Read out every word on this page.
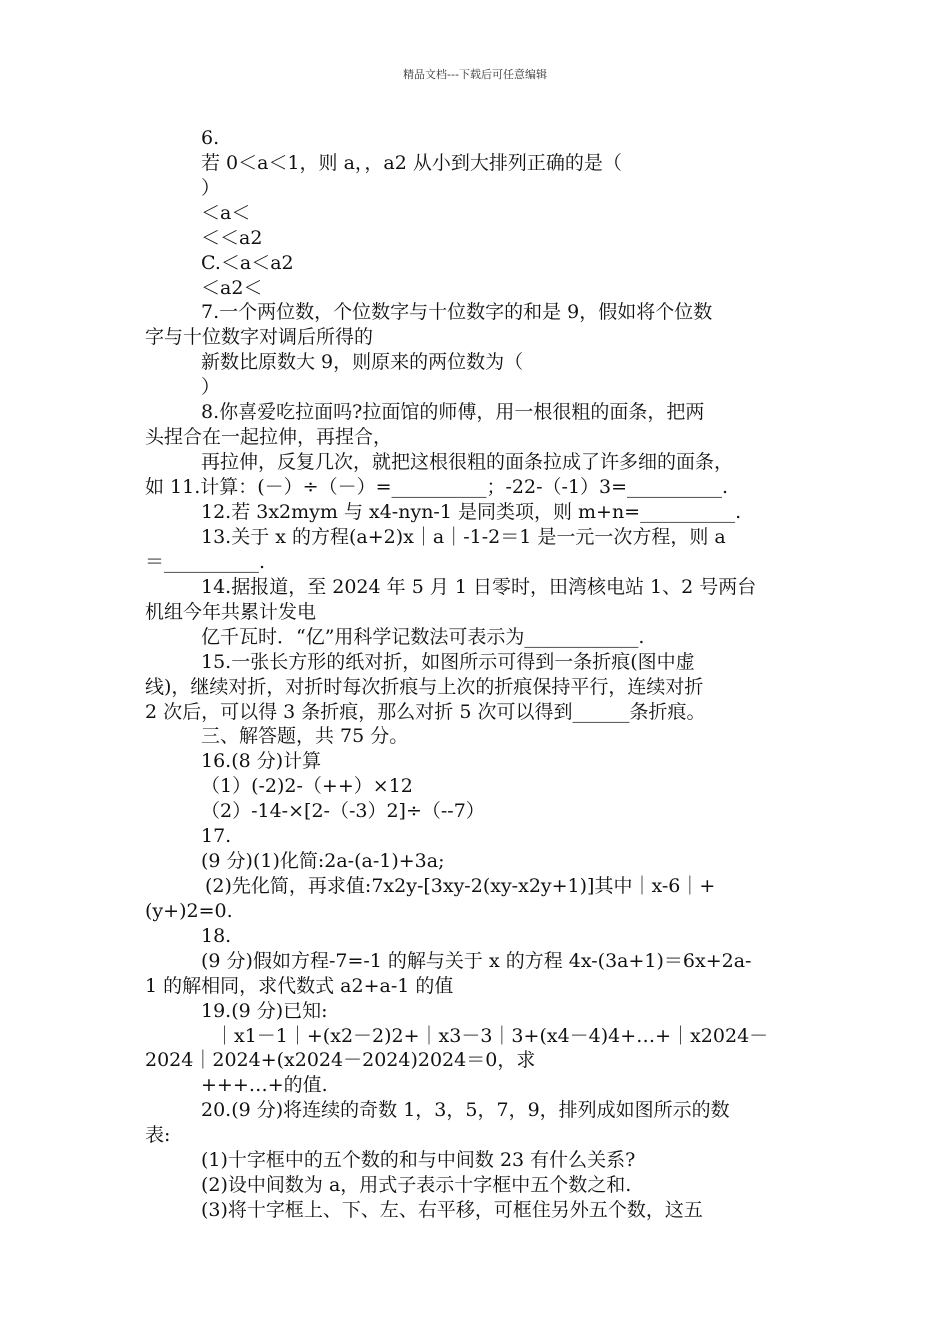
精品文档---下载后可任意编辑
6.
若 0＜a＜1，则 a，，a2 从小到大排列正确的是（
）
＜a＜
＜＜a2
C.＜a＜a2
＜a2＜
7.一个两位数，个位数字与十位数字的和是 9，假如将个位数
字与十位数字对调后所得的
新数比原数大 9，则原来的两位数为（
）
8.你喜爱吃拉面吗?拉面馆的师傅，用一根很粗的面条，把两
头捏合在一起拉伸，再捏合，
再拉伸，反复几次，就把这根很粗的面条拉成了许多细的面条，
如 11.计算：(－）÷（－）=__________；-22-（-1）3=__________.
12.若 3x2mym 与 x4-nyn-1 是同类项，则 m+n=__________.
13.关于 x 的方程(a+2)x｜a｜-1-2＝1 是一元一次方程，则 a
＝__________.
14.据报道，至 2024 年 5 月 1 日零时，田湾核电站 1、2 号两台
机组今年共累计发电
亿千瓦时．“亿”用科学记数法可表示为____________.
15.一张长方形的纸对折，如图所示可得到一条折痕(图中虚
线)，继续对折，对折时每次折痕与上次的折痕保持平行，连续对折
2 次后，可以得 3 条折痕，那么对折 5 次可以得到______条折痕。
三、解答题，共 75 分。
16.(8 分)计算
（1）(-2)2-（++）×12
（2）-14-×[2-（-3）2]÷（--7）
17.
(9 分)(1)化简:2a-(a-1)+3a;
(2)先化简，再求值:7x2y-[3xy-2(xy-x2y+1)]其中｜x-6｜+
(y+)2=0.
18.
(9 分)假如方程-7=-1 的解与关于 x 的方程 4x-(3a+1)＝6x+2a-
1 的解相同，求代数式 a2+a-1 的值
19.(9 分)已知:
｜x1－1｜+(x2－2)2+｜x3－3｜3+(x4－4)4+…+｜x2024－
2024｜2024+(x2024－2024)2024＝0，求
+++…+的值.
20.(9 分)将连续的奇数 1，3，5，7，9，排列成如图所示的数
表:
(1)十字框中的五个数的和与中间数 23 有什么关系?
(2)设中间数为 a，用式子表示十字框中五个数之和.
(3)将十字框上、下、左、右平移，可框住另外五个数，这五
